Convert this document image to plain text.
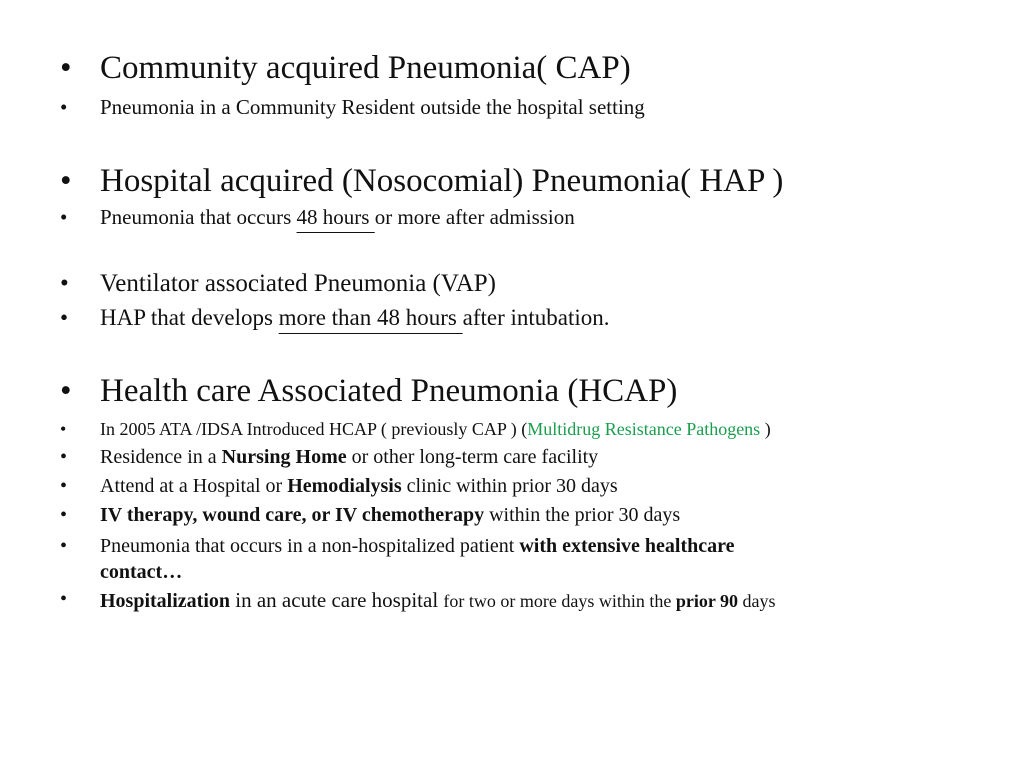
• Community acquired Pneumonia( CAP)
• Pneumonia in a Community Resident outside the hospital setting
• Hospital acquired (Nosocomial) Pneumonia( HAP )
• Pneumonia that occurs 48 hours or more after admission
• Ventilator associated Pneumonia (VAP)
• HAP that develops more than 48 hours after intubation.
• Health care Associated Pneumonia (HCAP)
• In 2005 ATA /IDSA Introduced HCAP ( previously CAP ) (Multidrug Resistance Pathogens )
• Residence in a Nursing Home or other long-term care facility
• Attend at a Hospital or Hemodialysis clinic within prior 30 days
• IV therapy, wound care, or IV chemotherapy within the prior 30 days
• Pneumonia that occurs in a non-hospitalized patient with extensive healthcare
contact…
• Hospitalization in an acute care hospital for two or more days within the prior 90 days
